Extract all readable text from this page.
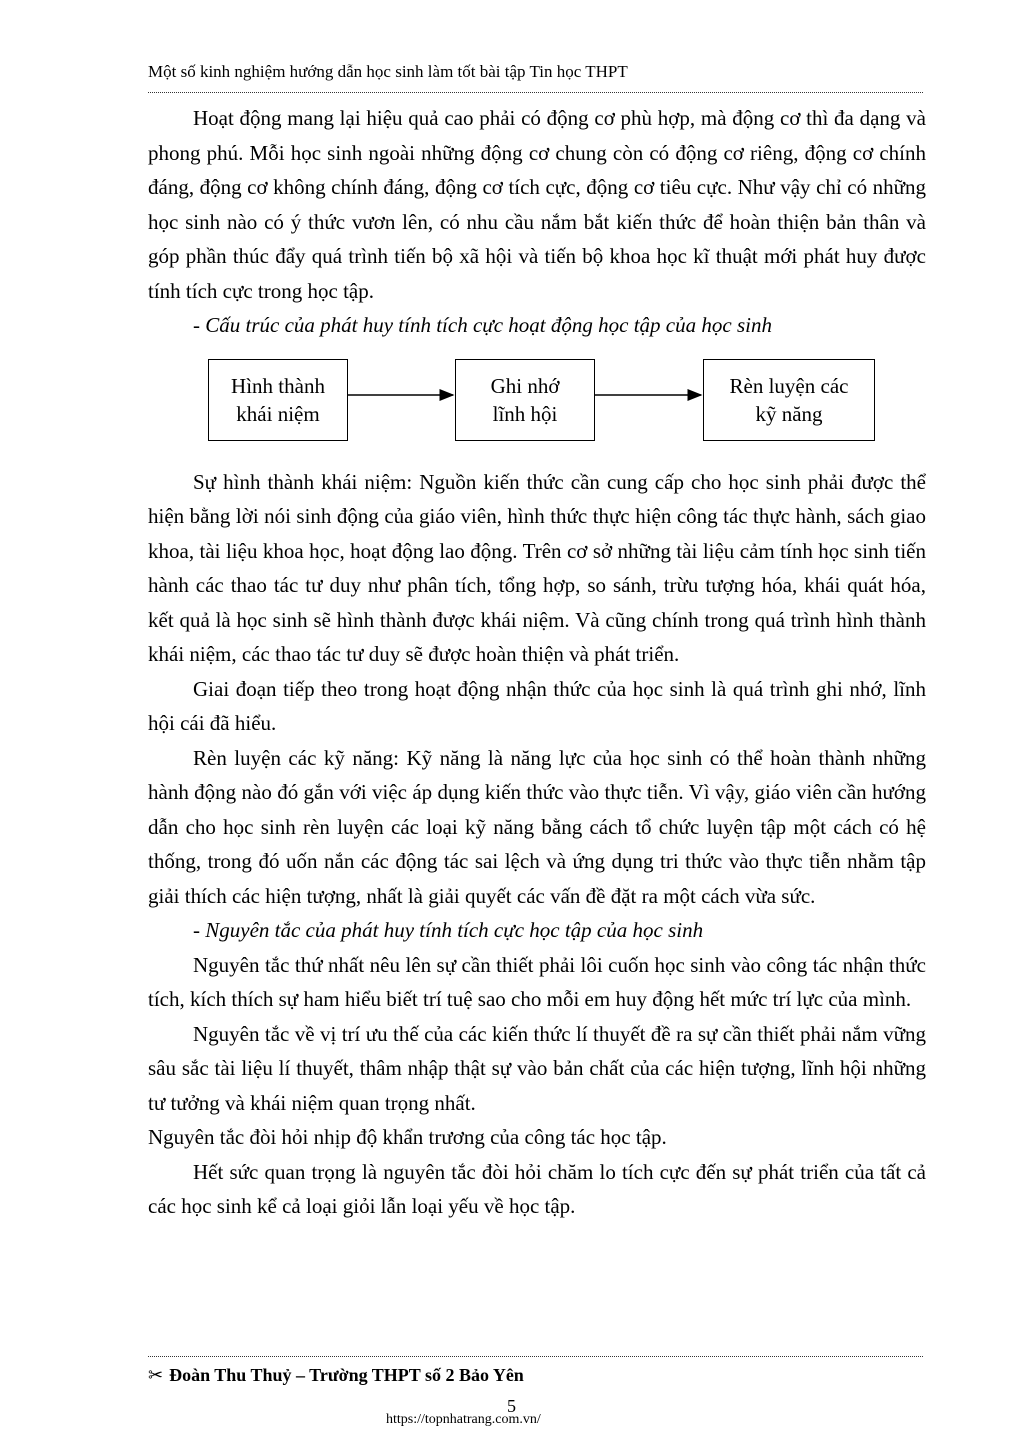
Một số kinh nghiệm hướng dẫn học sinh làm tốt bài tập Tin học THPT

Hoạt động mang lại hiệu quả cao phải có động cơ phù hợp, mà động cơ thì đa dạng và phong phú. Mỗi học sinh ngoài những động cơ chung còn có động cơ riêng, động cơ chính đáng, động cơ không chính đáng, động cơ tích cực, động cơ tiêu cực. Như vậy chỉ có những học sinh nào có ý thức vươn lên, có nhu cầu nắm bắt kiến thức để hoàn thiện bản thân và góp phần thúc đẩy quá trình tiến bộ xã hội và tiến bộ khoa học kĩ thuật mới phát huy được tính tích cực trong học tập.

- Cấu trúc của phát huy tính tích cực hoạt động học tập của học sinh

Hình thành
khái niệm
Ghi nhớ
lĩnh hội
Rèn luyện các
kỹ năng

Sự hình thành khái niệm: Nguồn kiến thức cần cung cấp cho học sinh phải được thể hiện bằng lời nói sinh động của giáo viên, hình thức thực hiện công tác thực hành, sách giao khoa, tài liệu khoa học, hoạt động lao động. Trên cơ sở những tài liệu cảm tính học sinh tiến hành các thao tác tư duy như phân tích, tổng hợp, so sánh, trừu tượng hóa, khái quát hóa, kết quả là học sinh sẽ hình thành được khái niệm. Và cũng chính trong quá trình hình thành khái niệm, các thao tác tư duy sẽ được hoàn thiện và phát triển.

Giai đoạn tiếp theo trong hoạt động nhận thức của học sinh là quá trình ghi nhớ, lĩnh hội cái đã hiểu.

Rèn luyện các kỹ năng: Kỹ năng là năng lực của học sinh có thể hoàn thành những hành động nào đó gắn với việc áp dụng kiến thức vào thực tiễn. Vì vậy, giáo viên cần hướng dẫn cho học sinh rèn luyện các loại kỹ năng bằng cách tổ chức luyện tập một cách có hệ thống, trong đó uốn nắn các động tác sai lệch và ứng dụng tri thức vào thực tiễn nhằm tập giải thích các hiện tượng, nhất là giải quyết các vấn đề đặt ra một cách vừa sức.

- Nguyên tắc của phát huy tính tích cực học tập của học sinh

Nguyên tắc thứ nhất nêu lên sự cần thiết phải lôi cuốn học sinh vào công tác nhận thức tích, kích thích sự ham hiểu biết trí tuệ sao cho mỗi em huy động hết mức trí lực của mình.

Nguyên tắc về vị trí ưu thế của các kiến thức lí thuyết đề ra sự cần thiết phải nắm vững sâu sắc tài liệu lí thuyết, thâm nhập thật sự vào bản chất của các hiện tượng, lĩnh hội những tư tưởng và khái niệm quan trọng nhất.

Nguyên tắc đòi hỏi nhịp độ khẩn trương của công tác học tập.

Hết sức quan trọng là nguyên tắc đòi hỏi chăm lo tích cực đến sự phát triển của tất cả các học sinh kể cả loại giỏi lẫn loại yếu về học tập.

✂ Đoàn Thu Thuỷ – Trường THPT số 2 Bảo Yên
5
https://topnhatrang.com.vn/
